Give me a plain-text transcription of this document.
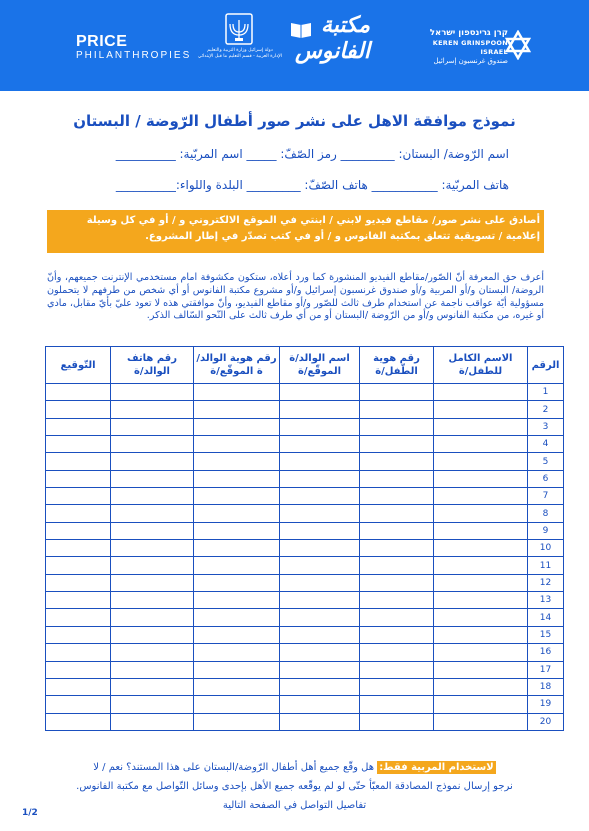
PRICE
PHILANTHROPIES	دولة إسرائيل وزارة التربية والتعليم
الإدارة العربية - قسم التعليم ما قبل الإبتدائي
مكتبة
الفانوس
קרן גרינספון ישראל
KEREN GRINSPOON ISRAEL
صندوق غرنسبون إسرائيل
نموذج موافقة الاهل على نشر صور أطفال الرّوضة / البستان
اسم الرّوضة/ البستان: _________ رمز الصّفّ: _____ اسم المربّية: __________
هاتف المربّية: ___________ هاتف الصّفّ: _________ البلدة واللواء:__________
أصادق على نشر صور/ مقاطع فيديو لابني / ابنتي في الموقع الالكتروني و / أو في كل وسيلة إعلامية / تسويقية تتعلق بمكتبة الفانوس و / أو في كتب تصدّر في إطار المشروع.
أعرف حق المعرفة أنّ الصّور/مقاطع الفيديو المنشورة كما ورد أعلاه، ستكون مكشوفة امام مستخدمي الإنترنت جميعهم، وأنّ الروضة/ البستان و/أو المربية و/أو صندوق غرنسبون إسرائيل و/أو مشروع مكتبة الفانوس أو أي شخص من طرفهم لا يتحملون مسؤولية أيّة عواقب ناجمة عن استخدام طرف ثالث للصّور و/أو مقاطع الفيديو، وأنّ موافقتي هذه لا تعود عليّ بأيّ مقابل، مادي أو غيره، من مكتبة الفانوس و/أو من الرّوضة /البستان أو من أي طرف ثالث على النّحو السّالف الذكر.
الرقم	الاسم الكامل للطفل/ة	رقم هوية الطّفل/ة	اسم الوالد/ة الموقّع/ة	رقم هوية الوالد/ة الموقّع/ة	رقم هاتف الوالد/ة	التّوقيع
1						
2						
3						
4						
5						
6						
7						
8						
9						
10						
11						
12						
13						
14						
15						
16						
17						
18						
19						
20						
لاستخدام المربية فقط: هل وقّع جميع أهل أطفال الرّوضة/البستان على هذا المستند؟ نعم / لا
نرجو إرسال نموذج المصادقة المعبّأ حتّى لو لم يوقّعه جميع الأهل بإحدى وسائل التّواصل مع مكتبة الفانوس.
تفاصيل التواصل في الصفحة التالية
1/2
